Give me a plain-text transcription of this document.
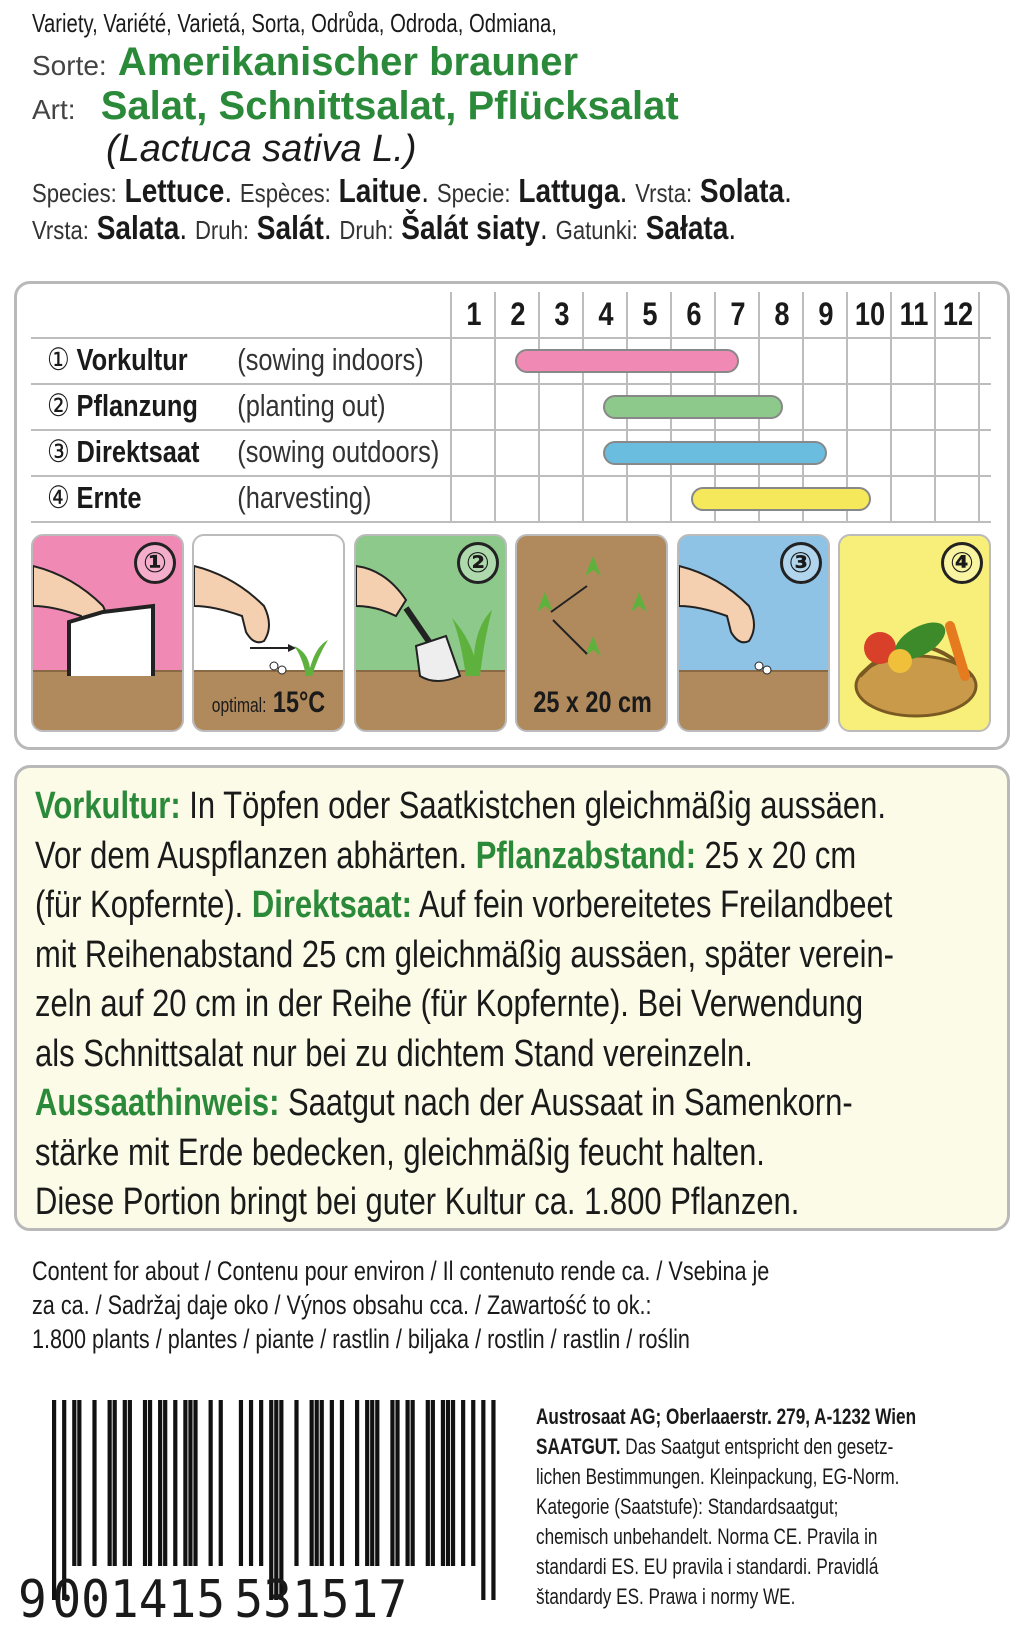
Variety, Variété, Varietá, Sorta, Odrůda, Odroda, Odmiana,
Sorte: Amerikanischer brauner
Art: Salat, Schnittsalat, Pflücksalat
(Lactuca sativa L.)
Species: Lettuce. Espèces: Laitue. Specie: Lattuga. Vrsta: Solata.
Vrsta: Salata. Druh: Salát. Druh: Šalát siaty. Gatunki: Sałata.
1 2 3 4 5 6 7 8 9 10 11 12
① Vorkultur (sowing indoors)
② Pflanzung (planting out)
③ Direktsaat (sowing outdoors)
④ Ernte	(harvesting)
①
optimal: 15°C
②
25 x 20 cm
③	④
Vorkultur: In Töpfen oder Saatkistchen gleichmäßig aussäen.
Vor dem Auspflanzen abhärten. Pflanzabstand: 25 x 20 cm
(für Kopfernte). Direktsaat: Auf fein vorbereitetes Freilandbeet
mit Reihenabstand 25 cm gleichmäßig aussäen, später verein-
zeln auf 20 cm in der Reihe (für Kopfernte). Bei Verwendung
als Schnittsalat nur bei zu dichtem Stand vereinzeln.
Aussaathinweis: Saatgut nach der Aussaat in Samenkorn-
stärke mit Erde bedecken, gleichmäßig feucht halten.
Diese Portion bringt bei guter Kultur ca. 1.800 Pflanzen.
Content for about / Contenu pour environ / Il contenuto rende ca. / Vsebina je
za ca. / Sadržaj daje oko / Výnos obsahu cca. / Zawartość to ok.:
1.800 plants / plantes / piante / rastlin / biljaka / rostlin / rastlin / roślin
9 001415 531517
Austrosaat AG; Oberlaaerstr. 279, A-1232 Wien
SAATGUT. Das Saatgut entspricht den gesetz-
lichen Bestimmungen. Kleinpackung, EG-Norm.
Kategorie (Saatstufe): Standardsaatgut;
chemisch unbehandelt. Norma CE. Pravila in
standardi ES. EU pravila i standardi. Pravidlá
štandardy ES. Prawa i normy WE.
